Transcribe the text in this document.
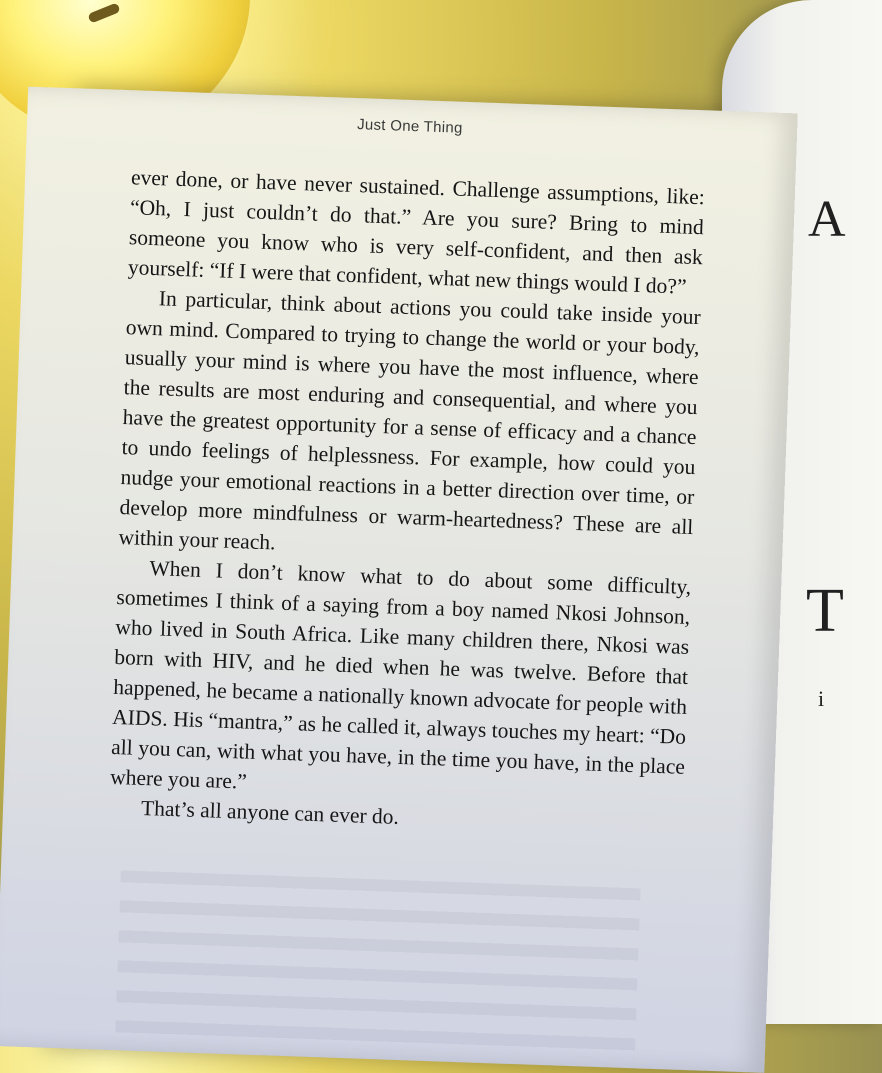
A
T
i
Just One Thing

ever done, or have never sustained. Challenge assumptions, like: “Oh, I just couldn’t do that.” Are you sure? Bring to mind someone you know who is very self-confident, and then ask yourself: “If I were that confident, what new things would I do?”

In particular, think about actions you could take inside your own mind. Compared to trying to change the world or your body, usually your mind is where you have the most influence, where the results are most enduring and consequential, and where you have the greatest opportunity for a sense of efficacy and a chance to undo feelings of helplessness. For example, how could you nudge your emotional reactions in a better direction over time, or develop more mindfulness or warm-heartedness? These are all within your reach.

When I don’t know what to do about some difficulty, sometimes I think of a saying from a boy named Nkosi Johnson, who lived in South Africa. Like many children there, Nkosi was born with HIV, and he died when he was twelve. Before that happened, he became a nationally known advocate for people with AIDS. His “mantra,” as he called it, always touches my heart: “Do all you can, with what you have, in the time you have, in the place where you are.”

That’s all anyone can ever do.
